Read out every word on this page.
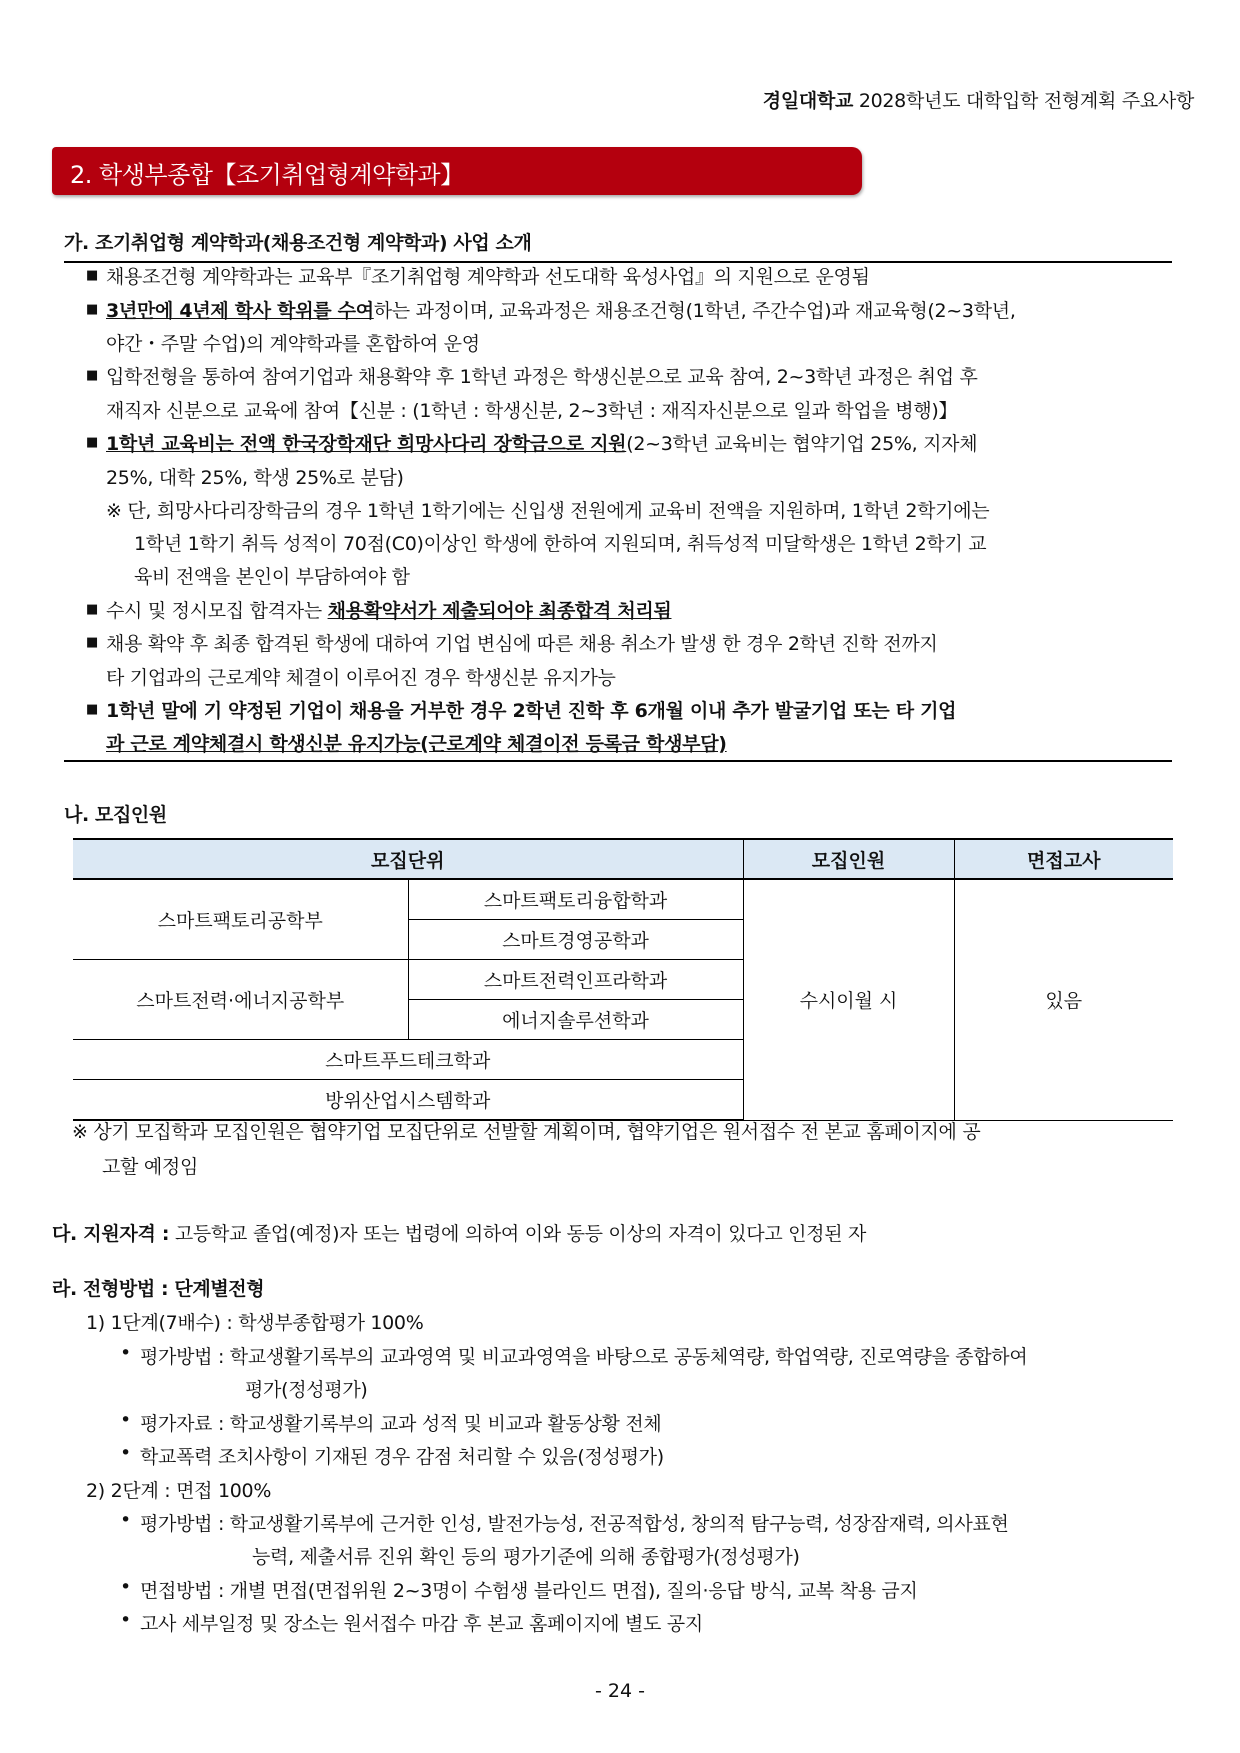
경일대학교 2028학년도 대학입학 전형계획 주요사항
2. 학생부종합【조기취업형계약학과】
가. 조기취업형 계약학과(채용조건형 계약학과) 사업 소개
■ 채용조건형 계약학과는 교육부『조기취업형 계약학과 선도대학 육성사업』의 지원으로 운영됨
■ 3년만에 4년제 학사 학위를 수여하는 과정이며, 교육과정은 채용조건형(1학년, 주간수업)과 재교육형(2~3학년,
야간・주말 수업)의 계약학과를 혼합하여 운영
■ 입학전형을 통하여 참여기업과 채용확약 후 1학년 과정은 학생신분으로 교육 참여, 2~3학년 과정은 취업 후
재직자 신분으로 교육에 참여【신분 : (1학년 : 학생신분, 2~3학년 : 재직자신분으로 일과 학업을 병행)】
■ 1학년 교육비는 전액 한국장학재단 희망사다리 장학금으로 지원(2~3학년 교육비는 협약기업 25%, 지자체
25%, 대학 25%, 학생 25%로 분담)
※ 단, 희망사다리장학금의 경우 1학년 1학기에는 신입생 전원에게 교육비 전액을 지원하며, 1학년 2학기에는
1학년 1학기 취득 성적이 70점(C0)이상인 학생에 한하여 지원되며, 취득성적 미달학생은 1학년 2학기 교
육비 전액을 본인이 부담하여야 함
■ 수시 및 정시모집 합격자는 채용확약서가 제출되어야 최종합격 처리됨
■ 채용 확약 후 최종 합격된 학생에 대하여 기업 변심에 따른 채용 취소가 발생 한 경우 2학년 진학 전까지
타 기업과의 근로계약 체결이 이루어진 경우 학생신분 유지가능
■ 1학년 말에 기 약정된 기업이 채용을 거부한 경우 2학년 진학 후 6개월 이내 추가 발굴기업 또는 타 기업
과 근로 계약체결시 학생신분 유지가능(근로계약 체결이전 등록금 학생부담)
나. 모집인원
모집단위		모집인원	면접고사
스마트팩토리공학부	스마트팩토리융합학과	수시이월 시	있음
	스마트경영공학과		
스마트전력·에너지공학부	스마트전력인프라학과		
	에너지솔루션학과		
스마트푸드테크학과			
방위산업시스템학과			
※ 상기 모집학과 모집인원은 협약기업 모집단위로 선발할 계획이며, 협약기업은 원서접수 전 본교 홈페이지에 공
고할 예정임
다. 지원자격 : 고등학교 졸업(예정)자 또는 법령에 의하여 이와 동등 이상의 자격이 있다고 인정된 자
라. 전형방법 : 단계별전형
1) 1단계(7배수) : 학생부종합평가 100%
• 평가방법 : 학교생활기록부의 교과영역 및 비교과영역을 바탕으로 공동체역량, 학업역량, 진로역량을 종합하여
평가(정성평가)
• 평가자료 : 학교생활기록부의 교과 성적 및 비교과 활동상황 전체
• 학교폭력 조치사항이 기재된 경우 감점 처리할 수 있음(정성평가)
2) 2단계 : 면접 100%
• 평가방법 : 학교생활기록부에 근거한 인성, 발전가능성, 전공적합성, 창의적 탐구능력, 성장잠재력, 의사표현
능력, 제출서류 진위 확인 등의 평가기준에 의해 종합평가(정성평가)
• 면접방법 : 개별 면접(면접위원 2~3명이 수험생 블라인드 면접), 질의·응답 방식, 교복 착용 금지
• 고사 세부일정 및 장소는 원서접수 마감 후 본교 홈페이지에 별도 공지
- 24 -
